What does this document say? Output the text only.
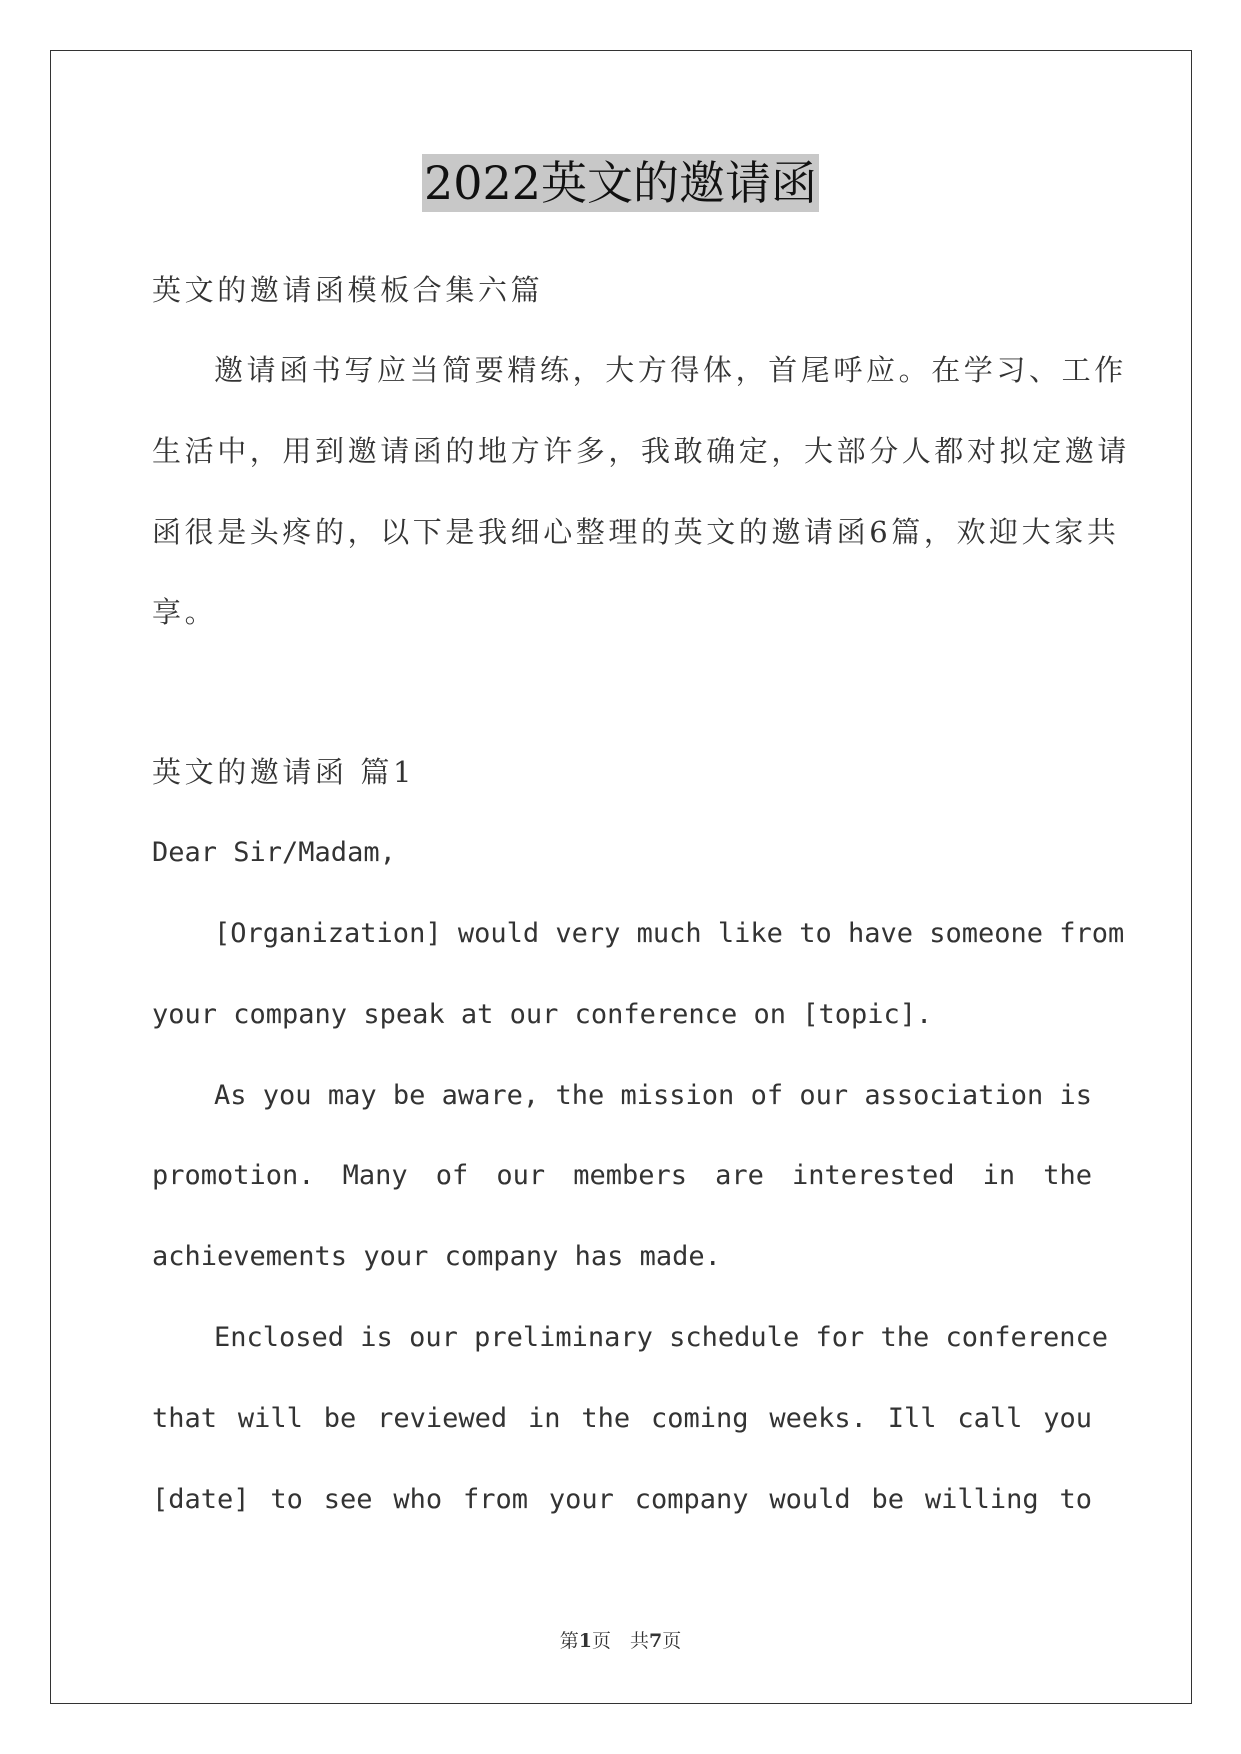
2022英文的邀请函
英文的邀请函模板合集六篇
邀请函书写应当简要精练，大方得体，首尾呼应。在学习、工作
生活中，用到邀请函的地方许多，我敢确定，大部分人都对拟定邀请
函很是头疼的，以下是我细心整理的英文的邀请函6篇，欢迎大家共
享。
英文的邀请函 篇1
Dear Sir/Madam,
[Organization] would very much like to have someone from
your company speak at our conference on [topic].
As you may be aware, the mission of our association is
promotion. Many of our members are interested in the
achievements your company has made.
Enclosed is our preliminary schedule for the conference
that will be reviewed in the coming weeks. Ill call you
[date] to see who from your company would be willing to
第1页　共7页
